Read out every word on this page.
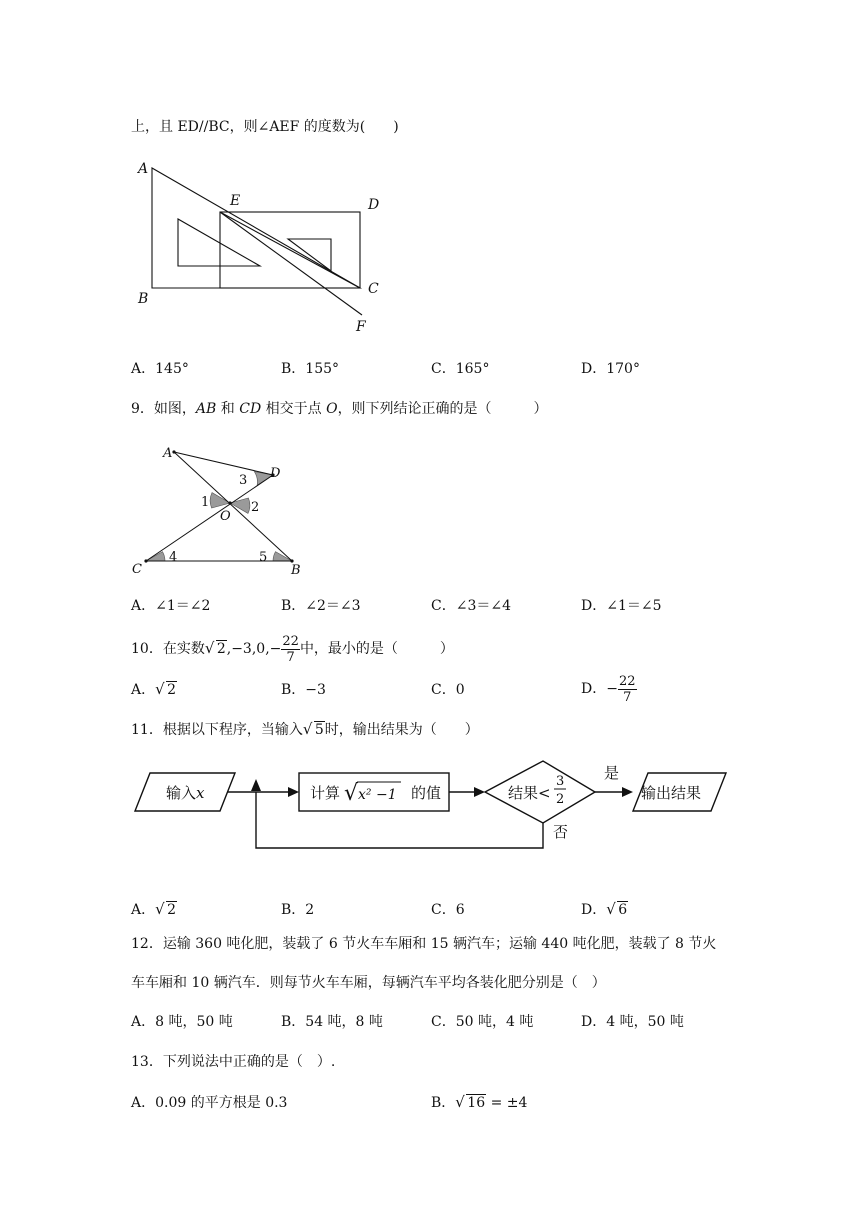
上，且 ED//BC，则∠AEF 的度数为(　　)
A
E	D
B
C
F
A．145°	B．155°	C．165°	D．170°
9．如图，AB 和 CD 相交于点 O，则下列结论正确的是（　　　）
A
D
O
C	B
1	2
3
4	5
A．∠1＝∠2	B．∠2＝∠3	C．∠3＝∠4	D．∠1＝∠5
10．在实数 √ $2,-3,0,- \frac{22}{7}$ 中，最小的是（　　　）
A． √ 2	B．−3	C．0	D．− $\frac{22}{7}$
11．根据以下程序，当输入 √ 5时，输出结果为（　　）
输入x	计算 √ x² −1 的值	结果<
3
2
是
否
输出结果
A． √ 2	B．2	C．6	D． √ 6
12．运输 360 吨化肥，装载了 6 节火车车厢和 15 辆汽车；运输 440 吨化肥，装载了 8 节火
车车厢和 10 辆汽车．则每节火车车厢，每辆汽车平均各装化肥分别是（　）
A．8 吨，50 吨	B．54 吨，8 吨	C．50 吨，4 吨	D．4 吨，50 吨
13．下列说法中正确的是（　）.
A．0.09 的平方根是 0.3	B． √ 16 = ±4
